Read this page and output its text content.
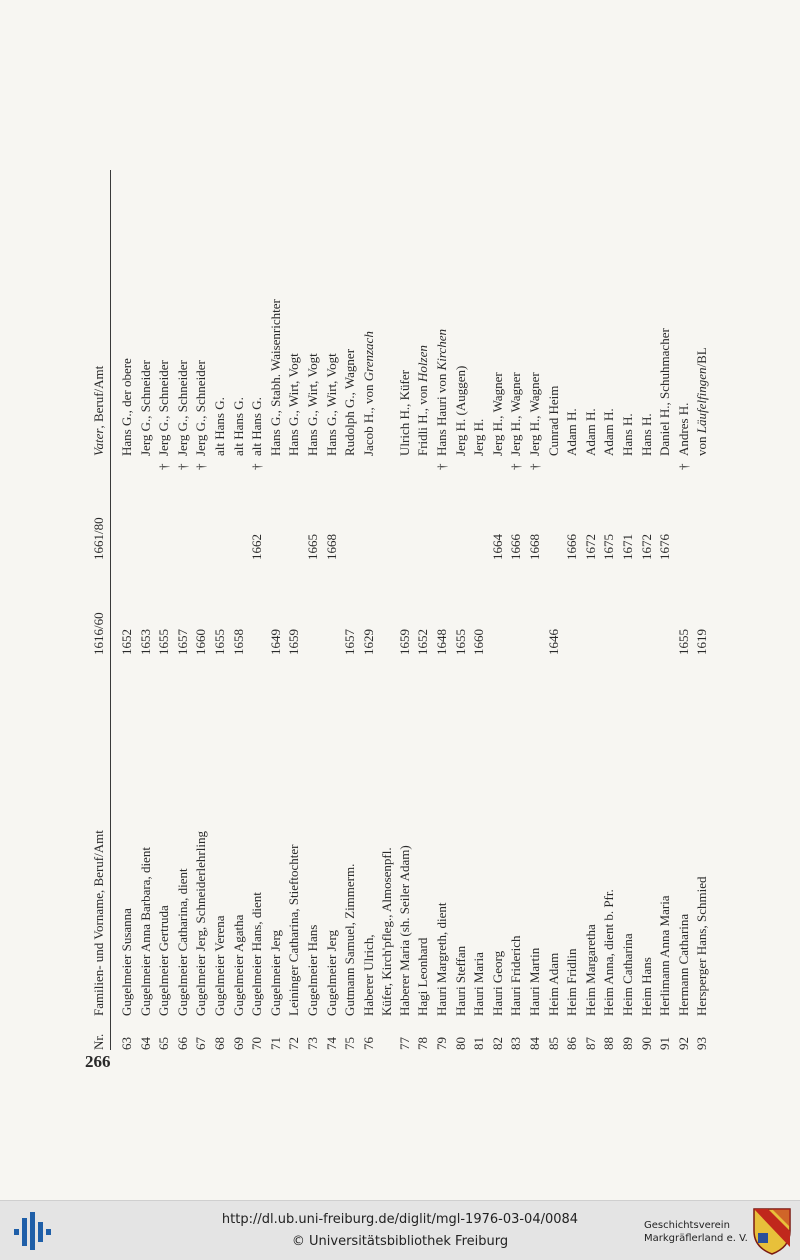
266
Nr.
Familien- und Vorname, Beruf/Amt
1616/60
1661/80
Vater, Beruf/Amt
63
Gugelmeier Susanna
1652
Hans G., der obere
64
Gugelmeier Anna Barbara, dient
1653
Jerg G., Schneider
65
Gugelmeier Gertruda
1655
†
Jerg G., Schneider
66
Gugelmeier Catharina, dient
1657
†
Jerg G., Schneider
67
Gugelmeier Jerg, Schneiderlehrling
1660
†
Jerg G., Schneider
68
Gugelmeier Verena
1655
alt Hans G.
69
Gugelmeier Agatha
1658
alt Hans G.
70
Gugelmeier Hans, dient
1662
†
alt Hans G.
71
Gugelmeier Jerg
1649
Hans G., Stabh. Waisenrichter
72
Leininger Catharina, Stieftochter
1659
Hans G., Wirt, Vogt
73
Gugelmeier Hans
1665
Hans G., Wirt, Vogt
74
Gugelmeier Jerg
1668
Hans G., Wirt, Vogt
75
Gutmann Samuel, Zimmerm.
1657
Rudolph G., Wagner
76
Haberer Ulrich, Küfer, Kirch'pfleg., Almosenpfl.
1629
Jacob H., von Grenzach
77
Haberer Maria (sh. Seiler Adam)
1659
Ulrich H., Küfer
78
Hagi Leonhard
1652
Fridli H., von Holzen
79
Hauri Margreth, dient
1648
†
Hans Hauri von Kirchen
80
Hauri Steffan
1655
Jerg H. (Auggen)
81
Hauri Maria
1660
Jerg H.
82
Hauri Georg
1664
Jerg H., Wagner
83
Hauri Friderich
1666
†
Jerg H., Wagner
84
Hauri Martin
1668
†
Jerg H., Wagner
85
Heim Adam
1646
Cunrad Heim
86
Heim Fridlin
1666
Adam H.
87
Heim Margaretha
1672
Adam H.
88
Heim Anna, dient b. Pfr.
1675
Adam H.
89
Heim Catharina
1671
Hans H.
90
Heim Hans
1672
Hans H.
91
Herlimann Anna Maria
1676
Daniel H., Schuhmacher
92
Hermann Catharina
1655
†
Andres H.
93
Hersperger Hans, Schmied
1619
von Läufelfingen/BL
http://dl.ub.uni-freiburg.de/diglit/mgl-1976-03-04/0084
© Universitätsbibliothek Freiburg
Geschichtsverein
Markgräflerland e. V.
